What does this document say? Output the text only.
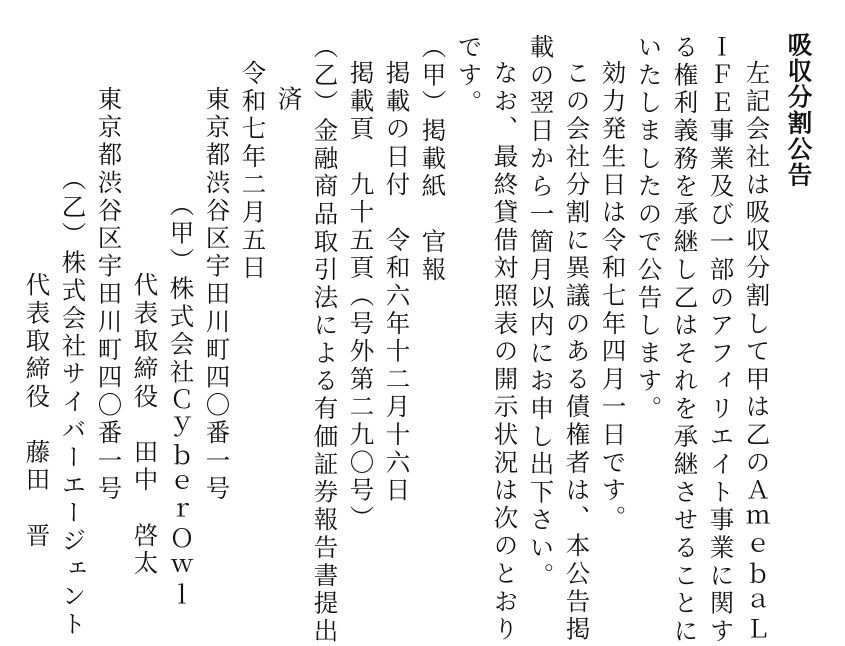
吸収分割公告
左記会社は吸収分割して甲は乙のＡｍｅｂａＬ
ＩＦＥ事業及び一部のアフィリエイト事業に関す
る権利義務を承継し乙はそれを承継させることに
いたしましたので公告します。
効力発生日は令和七年四月一日です。
この会社分割に異議のある債権者は、本公告掲
載の翌日から一箇月以内にお申し出下さい。
なお、最終貸借対照表の開示状況は次のとおり
です。
（甲）掲載紙　官報
掲載の日付　令和六年十二月十六日
掲載頁　九十五頁（号外第二九〇号）
（乙）金融商品取引法による有価証券報告書提出
済
令和七年二月五日
東京都渋谷区宇田川町四〇番一号
（甲）株式会社ＣｙｂｅｒＯｗｌ
代表取締役　田中　啓太
東京都渋谷区宇田川町四〇番一号
（乙）株式会社サイバーエージェント
代表取締役　藤田　晋
